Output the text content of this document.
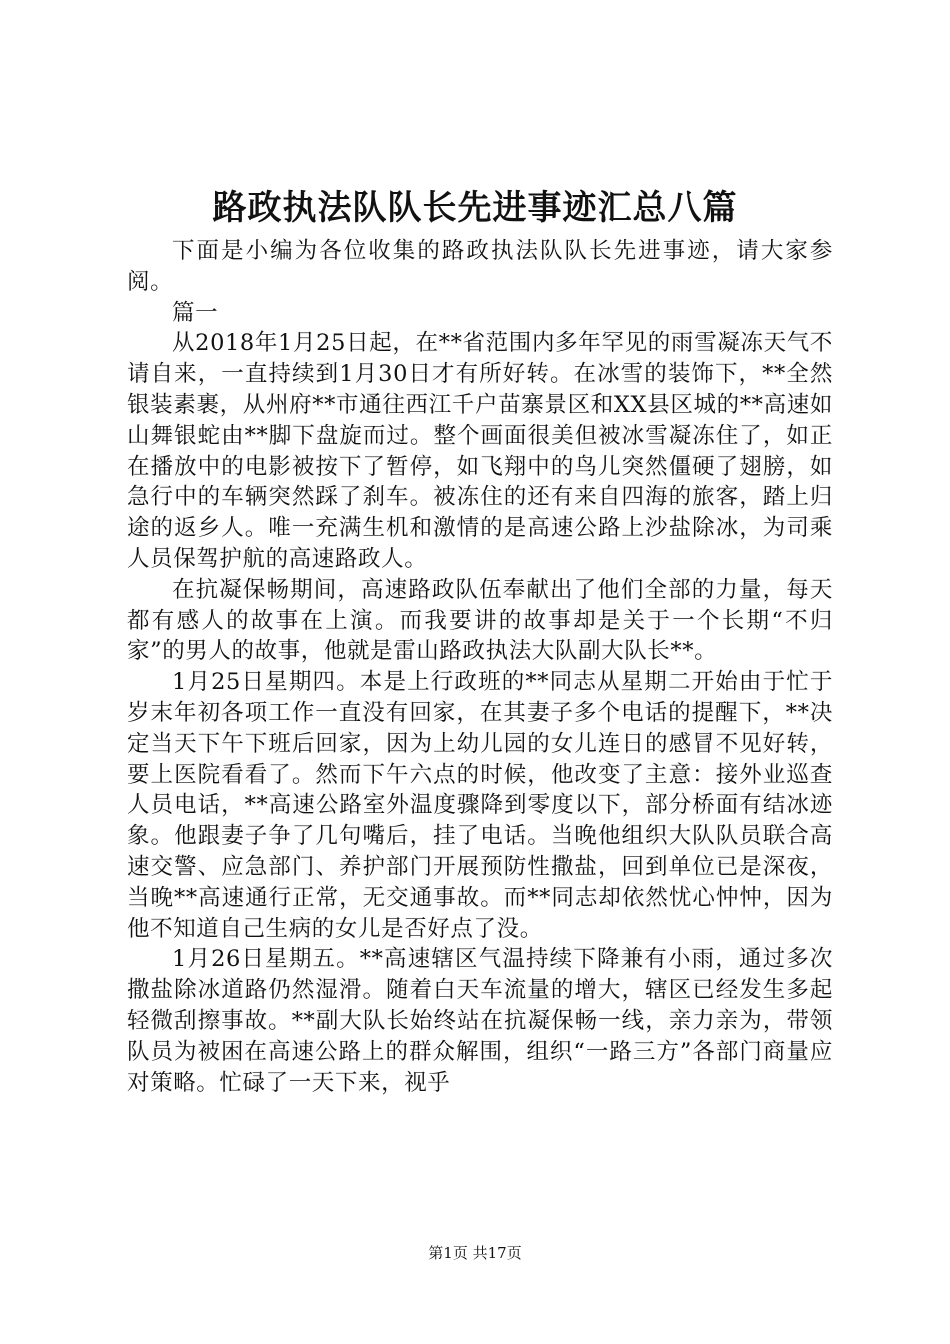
路政执法队队长先进事迹汇总八篇

下面是小编为各位收集的路政执法队队长先进事迹，请大家参阅。

篇一

从2018年1月25日起，在**省范围内多年罕见的雨雪凝冻天气不请自来，一直持续到1月30日才有所好转。在冰雪的装饰下，**全然银装素裹，从州府**市通往西江千户苗寨景区和XX县区城的**高速如山舞银蛇由**脚下盘旋而过。整个画面很美但被冰雪凝冻住了，如正在播放中的电影被按下了暂停，如飞翔中的鸟儿突然僵硬了翅膀，如急行中的车辆突然踩了刹车。被冻住的还有来自四海的旅客，踏上归途的返乡人。唯一充满生机和激情的是高速公路上沙盐除冰，为司乘人员保驾护航的高速路政人。

在抗凝保畅期间，高速路政队伍奉献出了他们全部的力量，每天都有感人的故事在上演。而我要讲的故事却是关于一个长期“不归家”的男人的故事，他就是雷山路政执法大队副大队长**。

1月25日星期四。本是上行政班的**同志从星期二开始由于忙于岁末年初各项工作一直没有回家，在其妻子多个电话的提醒下，**决定当天下午下班后回家，因为上幼儿园的女儿连日的感冒不见好转，要上医院看看了。然而下午六点的时候，他改变了主意：接外业巡查人员电话，**高速公路室外温度骤降到零度以下，部分桥面有结冰迹象。他跟妻子争了几句嘴后，挂了电话。当晚他组织大队队员联合高速交警、应急部门、养护部门开展预防性撒盐，回到单位已是深夜，当晚**高速通行正常，无交通事故。而**同志却依然忧心忡忡，因为他不知道自己生病的女儿是否好点了没。

1月26日星期五。**高速辖区气温持续下降兼有小雨，通过多次撒盐除冰道路仍然湿滑。随着白天车流量的增大，辖区已经发生多起轻微刮擦事故。**副大队长始终站在抗凝保畅一线，亲力亲为，带领队员为被困在高速公路上的群众解围，组织“一路三方”各部门商量应对策略。忙碌了一天下来，视乎

第1页 共17页
